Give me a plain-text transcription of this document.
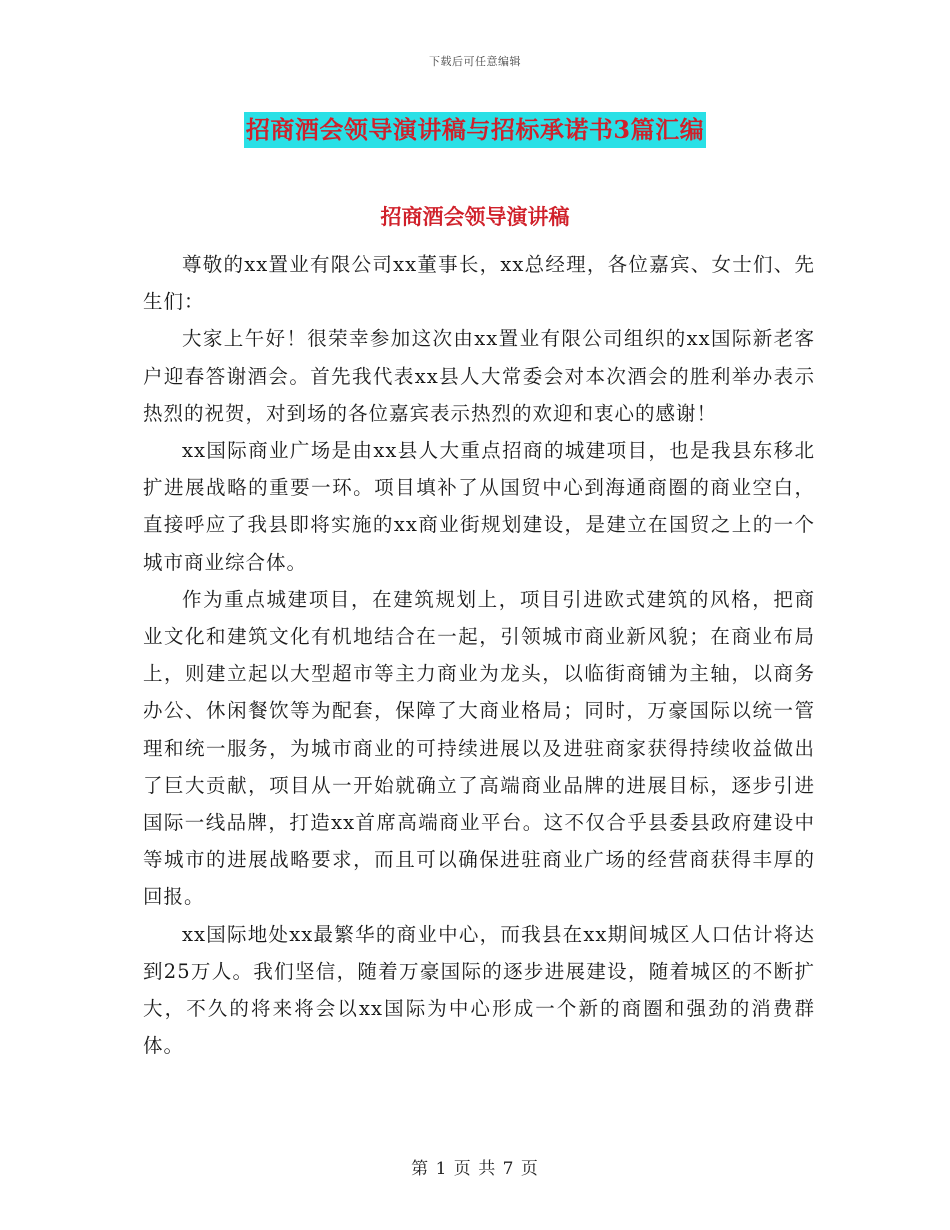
下载后可任意编辑
招商酒会领导演讲稿与招标承诺书3篇汇编
招商酒会领导演讲稿

尊敬的xx置业有限公司xx董事长，xx总经理，各位嘉宾、女士们、先生们：

大家上午好！很荣幸参加这次由xx置业有限公司组织的xx国际新老客户迎春答谢酒会。首先我代表xx县人大常委会对本次酒会的胜利举办表示热烈的祝贺，对到场的各位嘉宾表示热烈的欢迎和衷心的感谢！

xx国际商业广场是由xx县人大重点招商的城建项目，也是我县东移北扩进展战略的重要一环。项目填补了从国贸中心到海通商圈的商业空白，直接呼应了我县即将实施的xx商业街规划建设，是建立在国贸之上的一个城市商业综合体。

作为重点城建项目，在建筑规划上，项目引进欧式建筑的风格，把商业文化和建筑文化有机地结合在一起，引领城市商业新风貌；在商业布局上，则建立起以大型超市等主力商业为龙头，以临街商铺为主轴，以商务办公、休闲餐饮等为配套，保障了大商业格局；同时，万豪国际以统一管理和统一服务，为城市商业的可持续进展以及进驻商家获得持续收益做出了巨大贡献，项目从一开始就确立了高端商业品牌的进展目标，逐步引进国际一线品牌，打造xx首席高端商业平台。这不仅合乎县委县政府建设中等城市的进展战略要求，而且可以确保进驻商业广场的经营商获得丰厚的回报。

xx国际地处xx最繁华的商业中心，而我县在xx期间城区人口估计将达到25万人。我们坚信，随着万豪国际的逐步进展建设，随着城区的不断扩大，不久的将来将会以xx国际为中心形成一个新的商圈和强劲的消费群体。

第 1 页 共 7 页
